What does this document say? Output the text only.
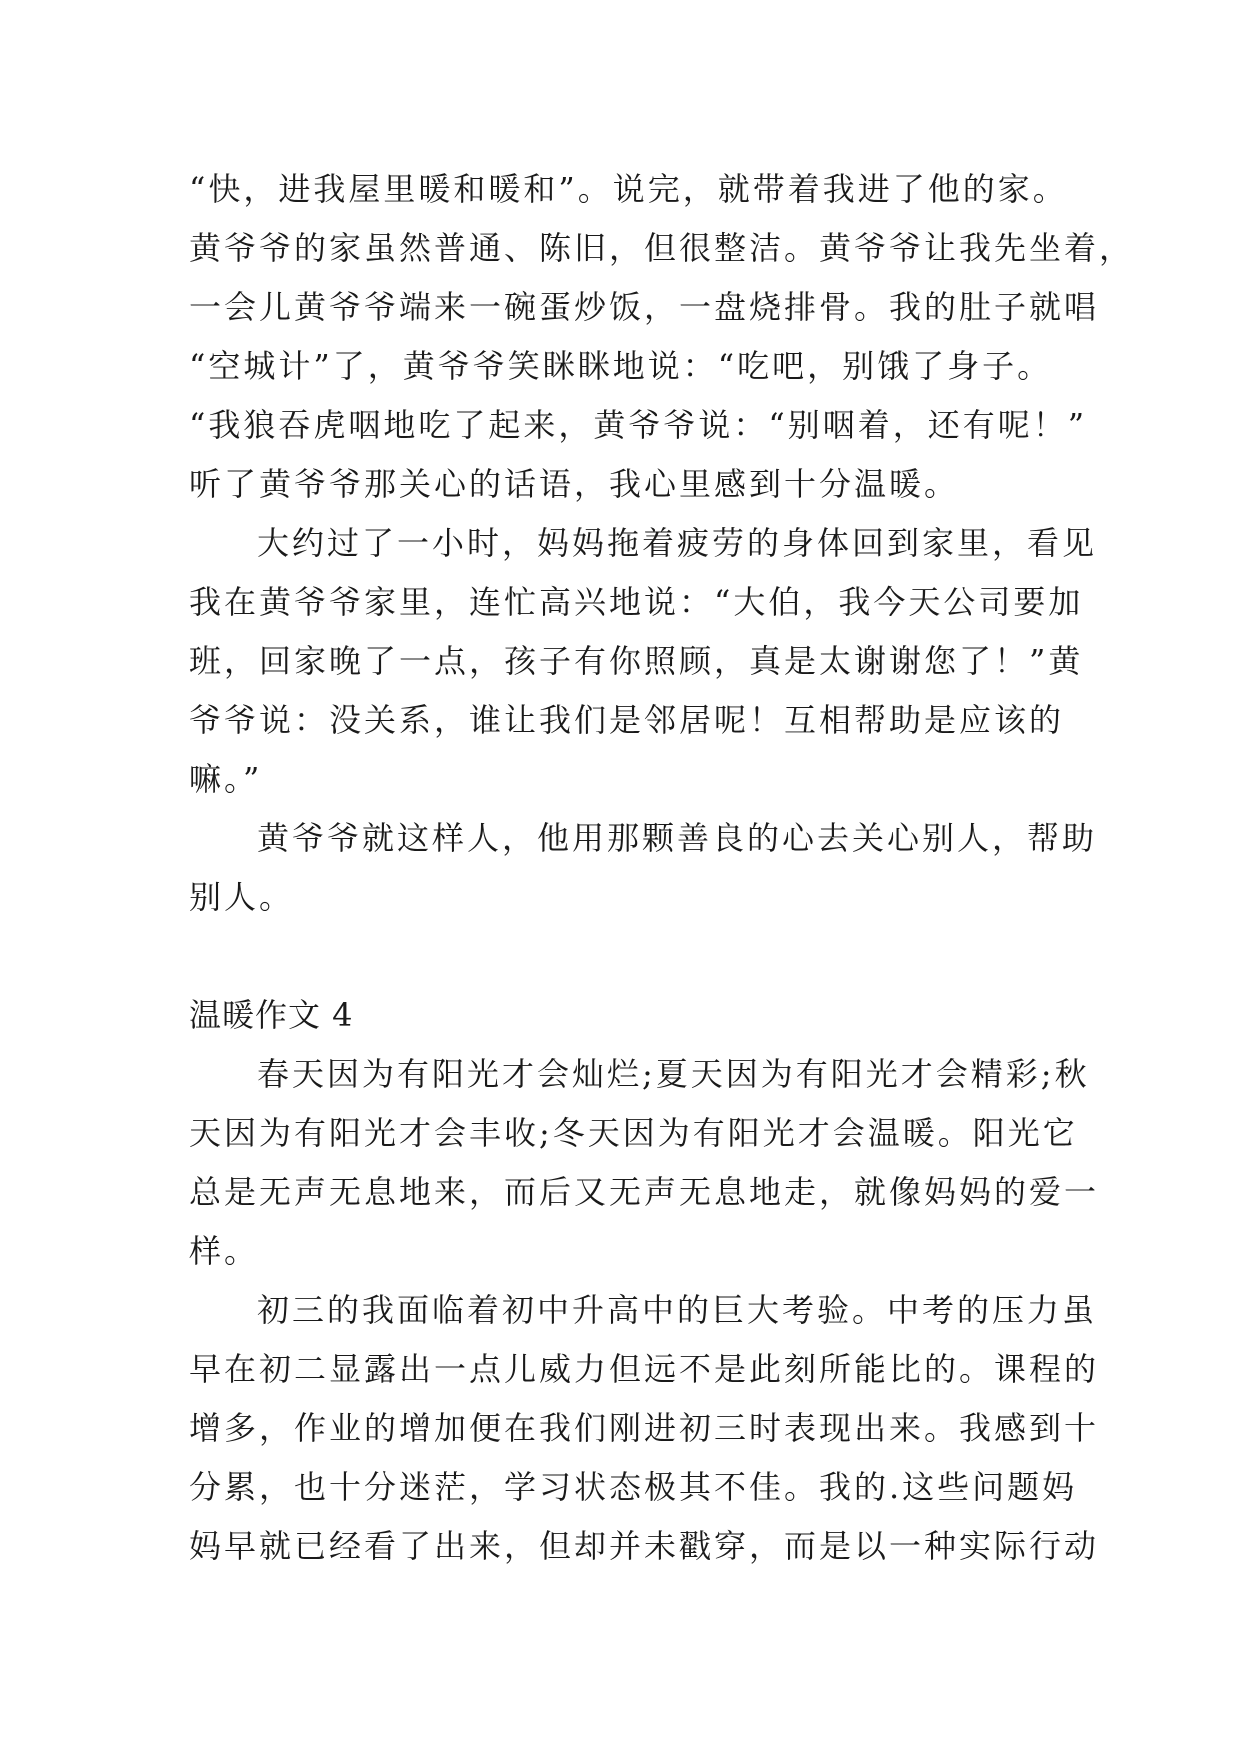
“快，进我屋里暖和暖和”。说完，就带着我进了他的家。
黄爷爷的家虽然普通、陈旧，但很整洁。黄爷爷让我先坐着，
一会儿黄爷爷端来一碗蛋炒饭，一盘烧排骨。我的肚子就唱
“空城计”了，黄爷爷笑眯眯地说：“吃吧，别饿了身子。
“我狼吞虎咽地吃了起来，黄爷爷说：“别咽着，还有呢！”
听了黄爷爷那关心的话语，我心里感到十分温暖。
大约过了一小时，妈妈拖着疲劳的身体回到家里，看见
我在黄爷爷家里，连忙高兴地说：“大伯，我今天公司要加
班，回家晚了一点，孩子有你照顾，真是太谢谢您了！”黄
爷爷说：没关系，谁让我们是邻居呢！互相帮助是应该的
嘛。”
黄爷爷就这样人，他用那颗善良的心去关心别人，帮助
别人。
温暖作文 4
春天因为有阳光才会灿烂;夏天因为有阳光才会精彩;秋
天因为有阳光才会丰收;冬天因为有阳光才会温暖。阳光它
总是无声无息地来，而后又无声无息地走，就像妈妈的爱一
样。
初三的我面临着初中升高中的巨大考验。中考的压力虽
早在初二显露出一点儿威力但远不是此刻所能比的。课程的
增多，作业的增加便在我们刚进初三时表现出来。我感到十
分累，也十分迷茫，学习状态极其不佳。我的.这些问题妈
妈早就已经看了出来，但却并未戳穿，而是以一种实际行动
